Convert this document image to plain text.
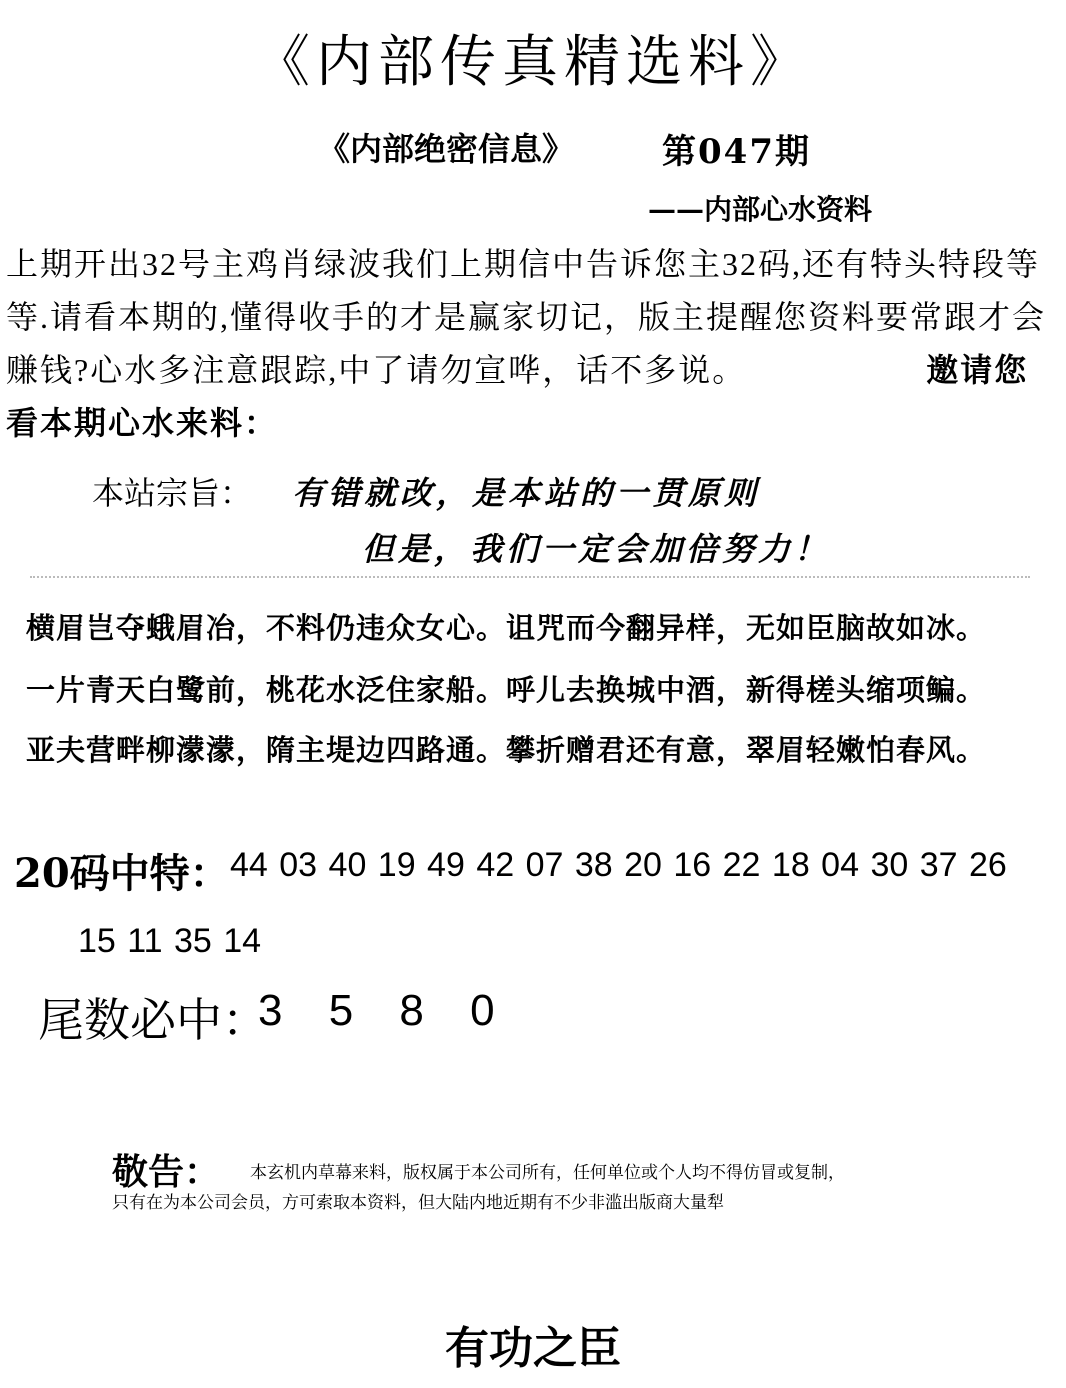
《内部传真精选料》
《内部绝密信息》	第047期
——内部心水资料
上期开出32号主鸡肖绿波我们上期信中告诉您主32码,还有特头特段等等.请看本期的,懂得收手的才是赢家切记，版主提醒您资料要常跟才会赚钱?心水多注意跟踪,中了请勿宣哗，话不多说。	邀请您看本期心水来料：
本站宗旨： 有错就改，是本站的一贯原则
但是，我们一定会加倍努力！
横眉岂夺蛾眉冶，不料仍违众女心。诅咒而今翻异样，无如臣脑故如冰。
一片青天白鹭前，桃花水泛住家船。呼儿去换城中酒，新得槎头缩项鳊。
亚夫营畔柳濛濛，隋主堤边四路通。攀折赠君还有意，翠眉轻嫩怕春风。
20码中特： 44 03 40 19 49 42 07 38 20 16 22 18 04 30 37 26
15 11 35 14
尾数必中：
3 5 8 0
敬告： 本玄机内草幕来料，版权属于本公司所有，任何单位或个人均不得仿冒或复制，
只有在为本公司会员，方可索取本资料，但大陆内地近期有不少非滥出版商大量犁
有功之臣
